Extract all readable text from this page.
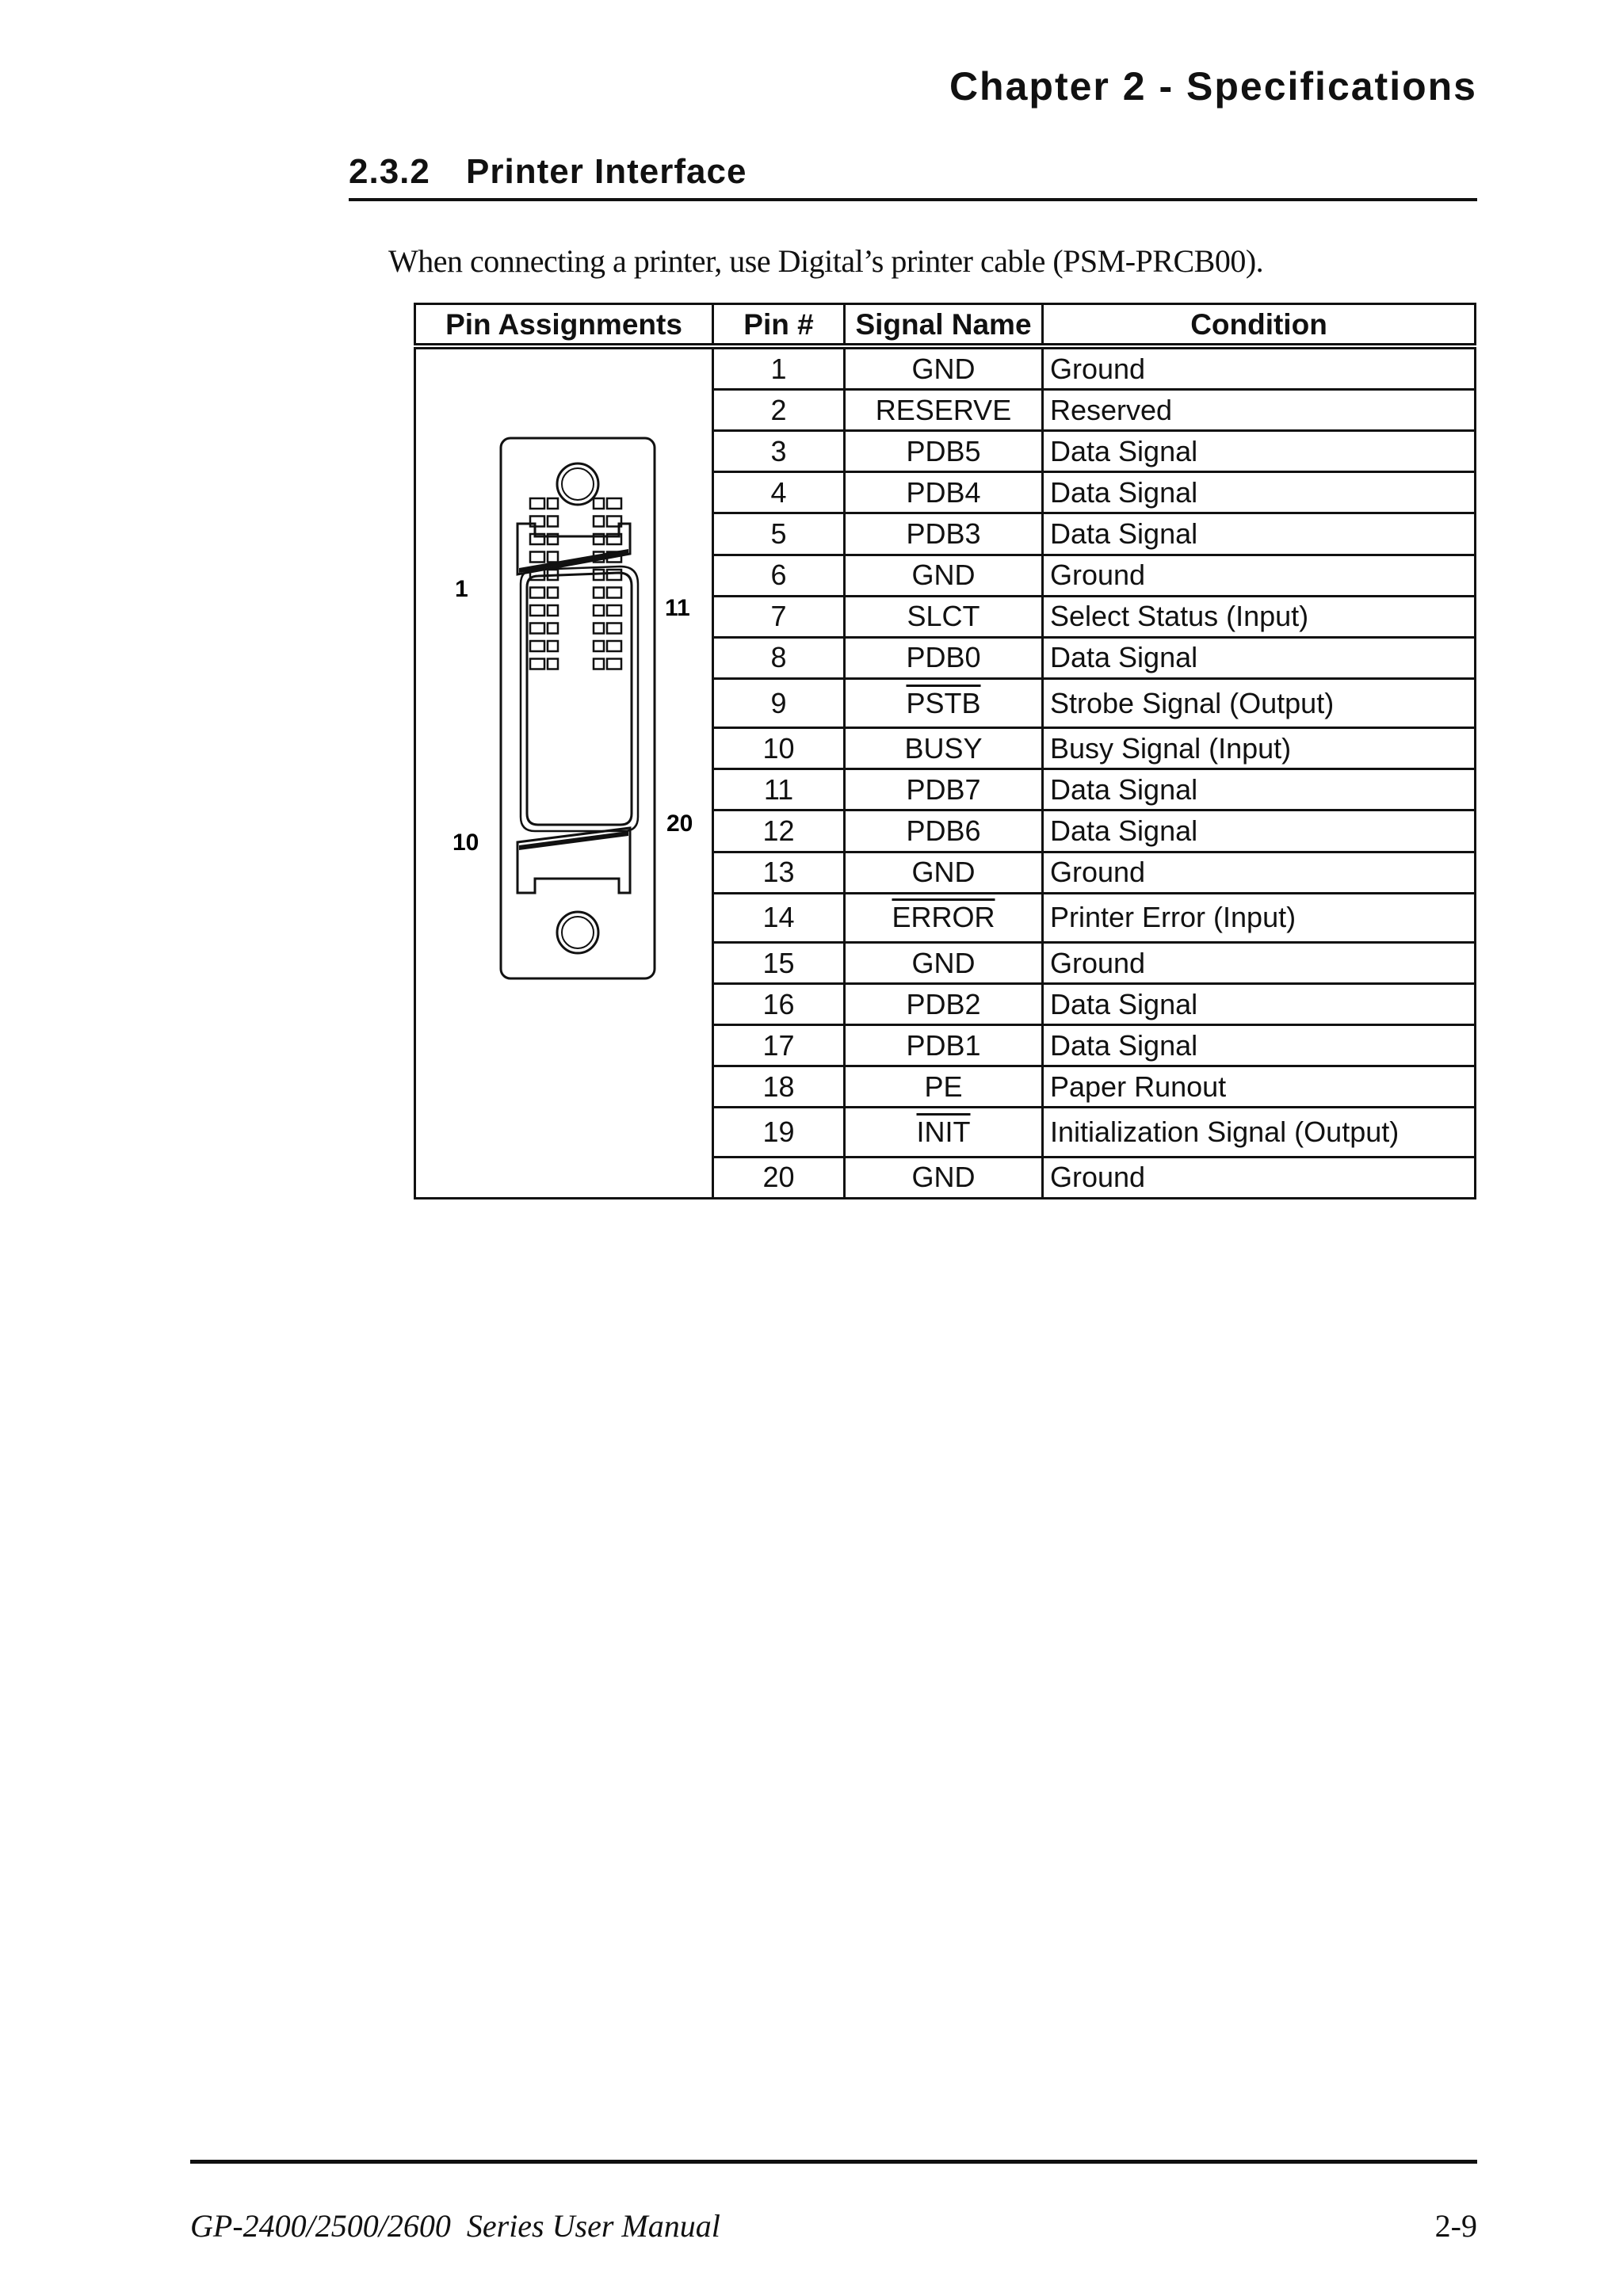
Chapter 2 - Specifications
2.3.2 Printer Interface
When connecting a printer, use Digital’s printer cable (PSM-PRCB00).
Pin Assignments	Pin #	Signal Name	Condition

1
11
10
20	1	GND	Ground
	2	RESERVE	Reserved
	3	PDB5	Data Signal
	4	PDB4	Data Signal
	5	PDB3	Data Signal
	6	GND	Ground
	7	SLCT	Select Status (Input)
	8	PDB0	Data Signal
	9	PSTB	Strobe Signal (Output)
	10	BUSY	Busy Signal (Input)
	11	PDB7	Data Signal
	12	PDB6	Data Signal
	13	GND	Ground
	14	ERROR	Printer Error (Input)
	15	GND	Ground
	16	PDB2	Data Signal
	17	PDB1	Data Signal
	18	PE	Paper Runout
	19	INIT	Initialization Signal (Output)
	20	GND	Ground
GP-2400/2500/2600  Series User Manual	2-9
